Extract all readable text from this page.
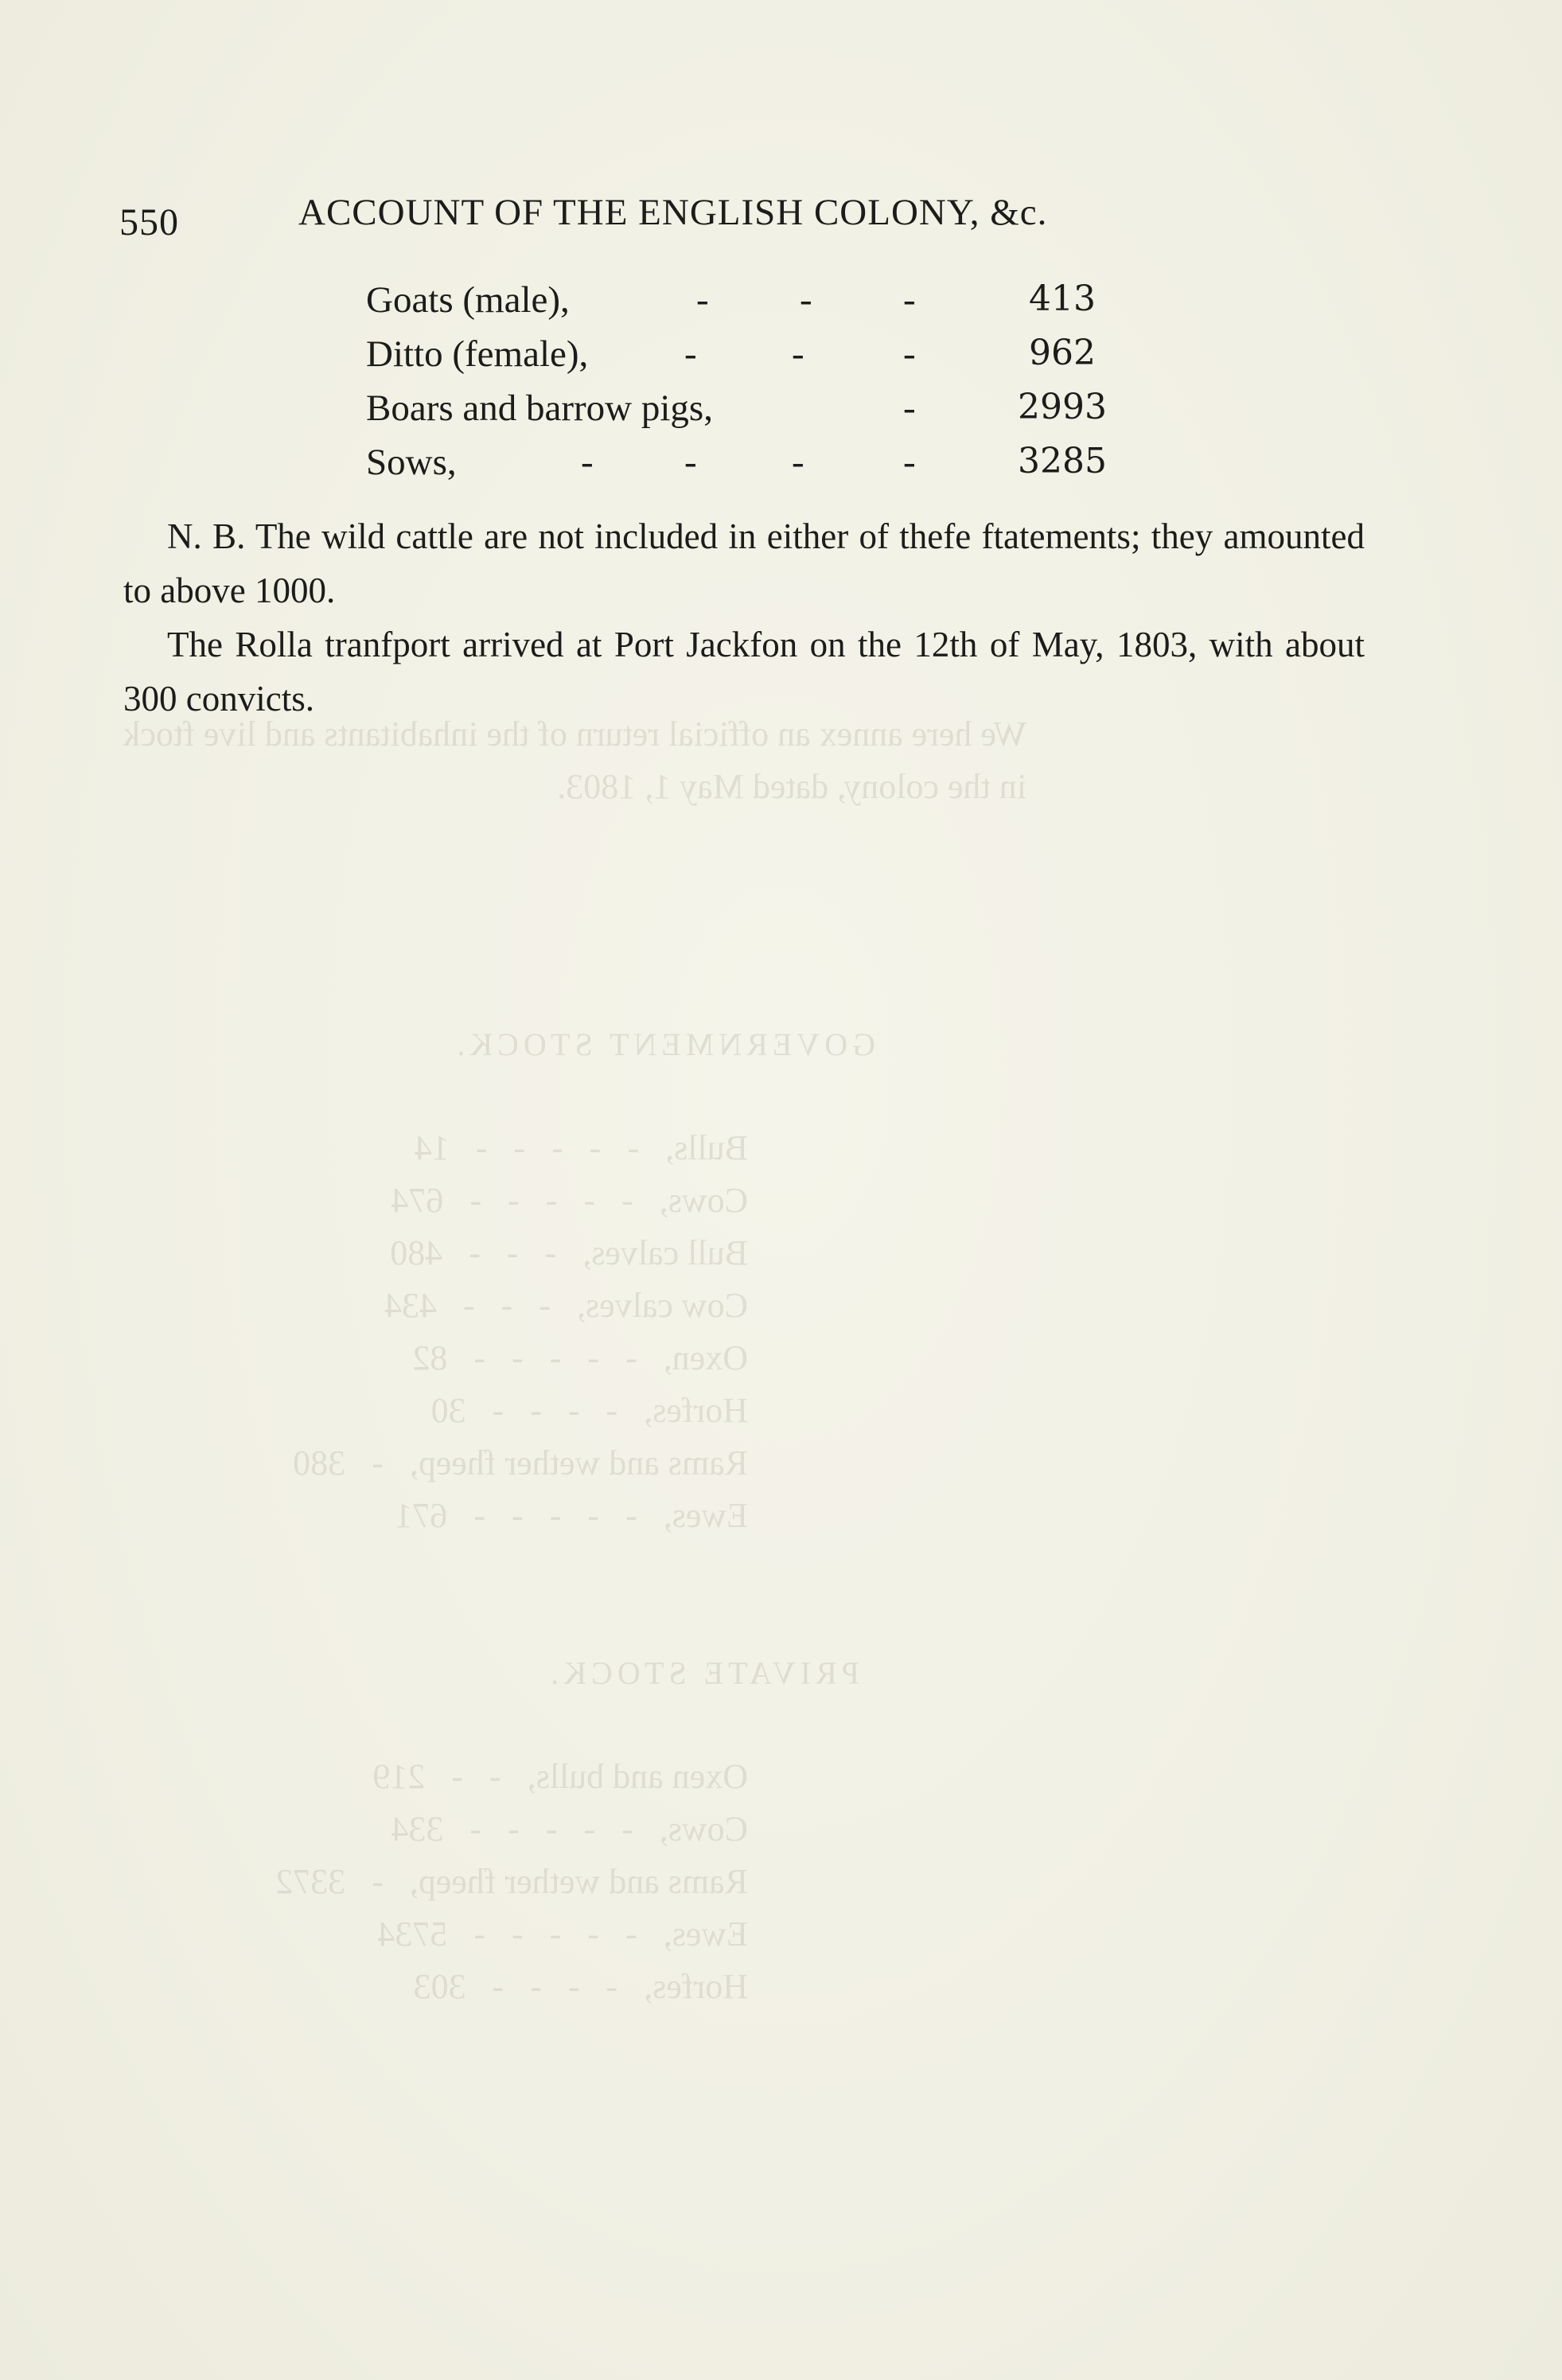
We here annex an official return of the inhabitants and live ftock
in the colony, dated May 1, 1803.
GOVERNMENT STOCK.
Bulls,   -   -   -   -   -   14
Cows,   -   -   -   -   -   674
Bull calves,   -   -   -   480
Cow calves,   -   -   -   434
Oxen,   -   -   -   -   -   82
Horfes,   -   -   -   -   30
Rams and wether fheep,   -   380
Ewes,   -   -   -   -   -   671
PRIVATE STOCK.
Oxen and bulls,   -   -   219
Cows,   -   -   -   -   -   334
Rams and wether fheep,   -   3372
Ewes,   -   -   -   -   -   5734
Horfes,   -   -   -   -   303
550	ACCOUNT OF THE ENGLISH COLONY, &c.
Goats (male),	- - -	413
Ditto (female),	-	-	-	962
Boars and barrow pigs,	-	2993
Sows,	- -	-	-	3285

N. B. The wild cattle are not included in either of thefe ftatements; they amounted to above 1000.

The Rolla tranfport arrived at Port Jackfon on the 12th of May, 1803, with about 300 convicts.
